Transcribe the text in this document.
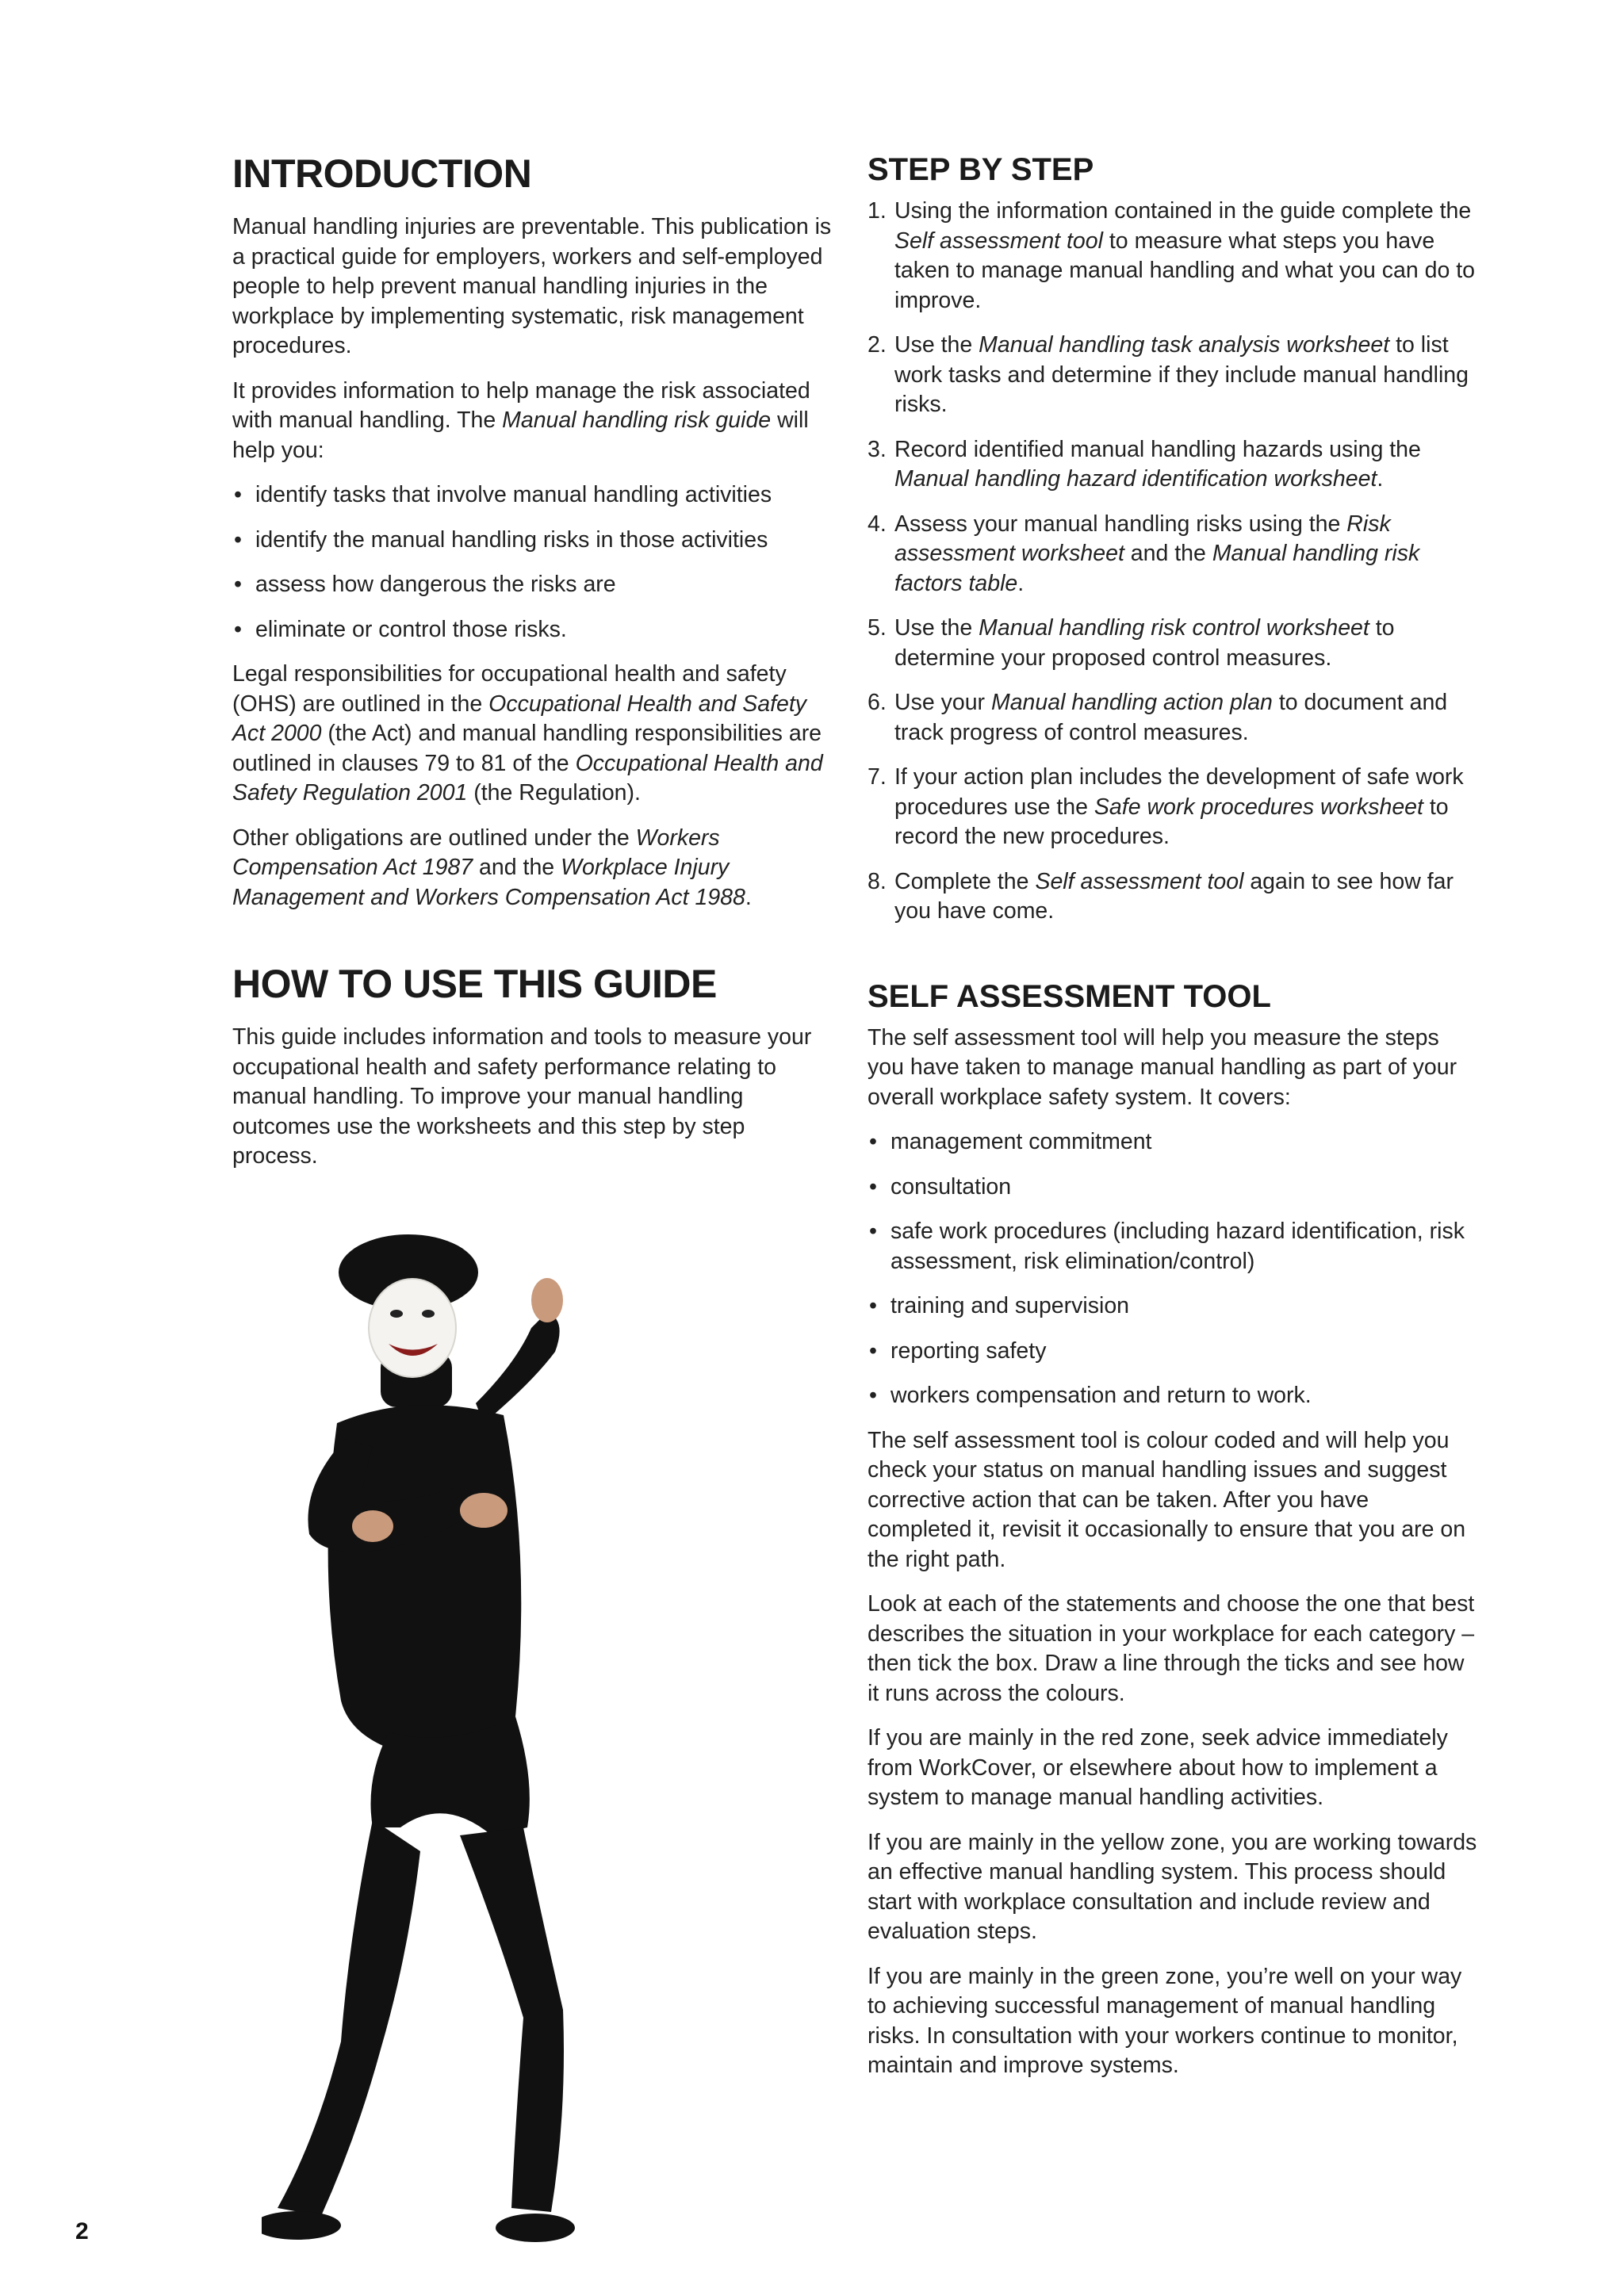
INTRODUCTION

Manual handling injuries are preventable. This publication is a practical guide for employers, workers and self-employed people to help prevent manual handling injuries in the workplace by implementing systematic, risk management procedures.

It provides information to help manage the risk associated with manual handling. The Manual handling risk guide will help you:

• identify tasks that involve manual handling activities
• identify the manual handling risks in those activities
• assess how dangerous the risks are
• eliminate or control those risks.

Legal responsibilities for occupational health and safety (OHS) are outlined in the Occupational Health and Safety Act 2000 (the Act) and manual handling responsibilities are outlined in clauses 79 to 81 of the Occupational Health and Safety Regulation 2001 (the Regulation).

Other obligations are outlined under the Workers Compensation Act 1987 and the Workplace Injury Management and Workers Compensation Act 1988.

HOW TO USE THIS GUIDE

This guide includes information and tools to measure your occupational health and safety performance relating to manual handling. To improve your manual handling outcomes use the worksheets and this step by step process.

STEP BY STEP
1. Using the information contained in the guide complete the Self assessment tool to measure what steps you have taken to manage manual handling and what you can do to improve.
2. Use the Manual handling task analysis worksheet to list work tasks and determine if they include manual handling risks.
3. Record identified manual handling hazards using the Manual handling hazard identification worksheet.
4. Assess your manual handling risks using the Risk assessment worksheet and the Manual handling risk factors table.
5. Use the Manual handling risk control worksheet to determine your proposed control measures.
6. Use your Manual handling action plan to document and track progress of control measures.
7. If your action plan includes the development of safe work procedures use the Safe work procedures worksheet to record the new procedures.
8. Complete the Self assessment tool again to see how far you have come.
SELF ASSESSMENT TOOL

The self assessment tool will help you measure the steps you have taken to manage manual handling as part of your overall workplace safety system. It covers:

• management commitment
• consultation
• safe work procedures (including hazard identification, risk assessment, risk elimination/control)
• training and supervision
• reporting safety
• workers compensation and return to work.

The self assessment tool is colour coded and will help you check your status on manual handling issues and suggest corrective action that can be taken. After you have completed it, revisit it occasionally to ensure that you are on the right path.

Look at each of the statements and choose the one that best describes the situation in your workplace for each category – then tick the box. Draw a line through the ticks and see how it runs across the colours.

If you are mainly in the red zone, seek advice immediately from WorkCover, or elsewhere about how to implement a system to manage manual handling activities.

If you are mainly in the yellow zone, you are working towards an effective manual handling system. This process should start with workplace consultation and include review and evaluation steps.

If you are mainly in the green zone, you’re well on your way to achieving successful management of manual handling risks. In consultation with your workers continue to monitor, maintain and improve systems.

2
